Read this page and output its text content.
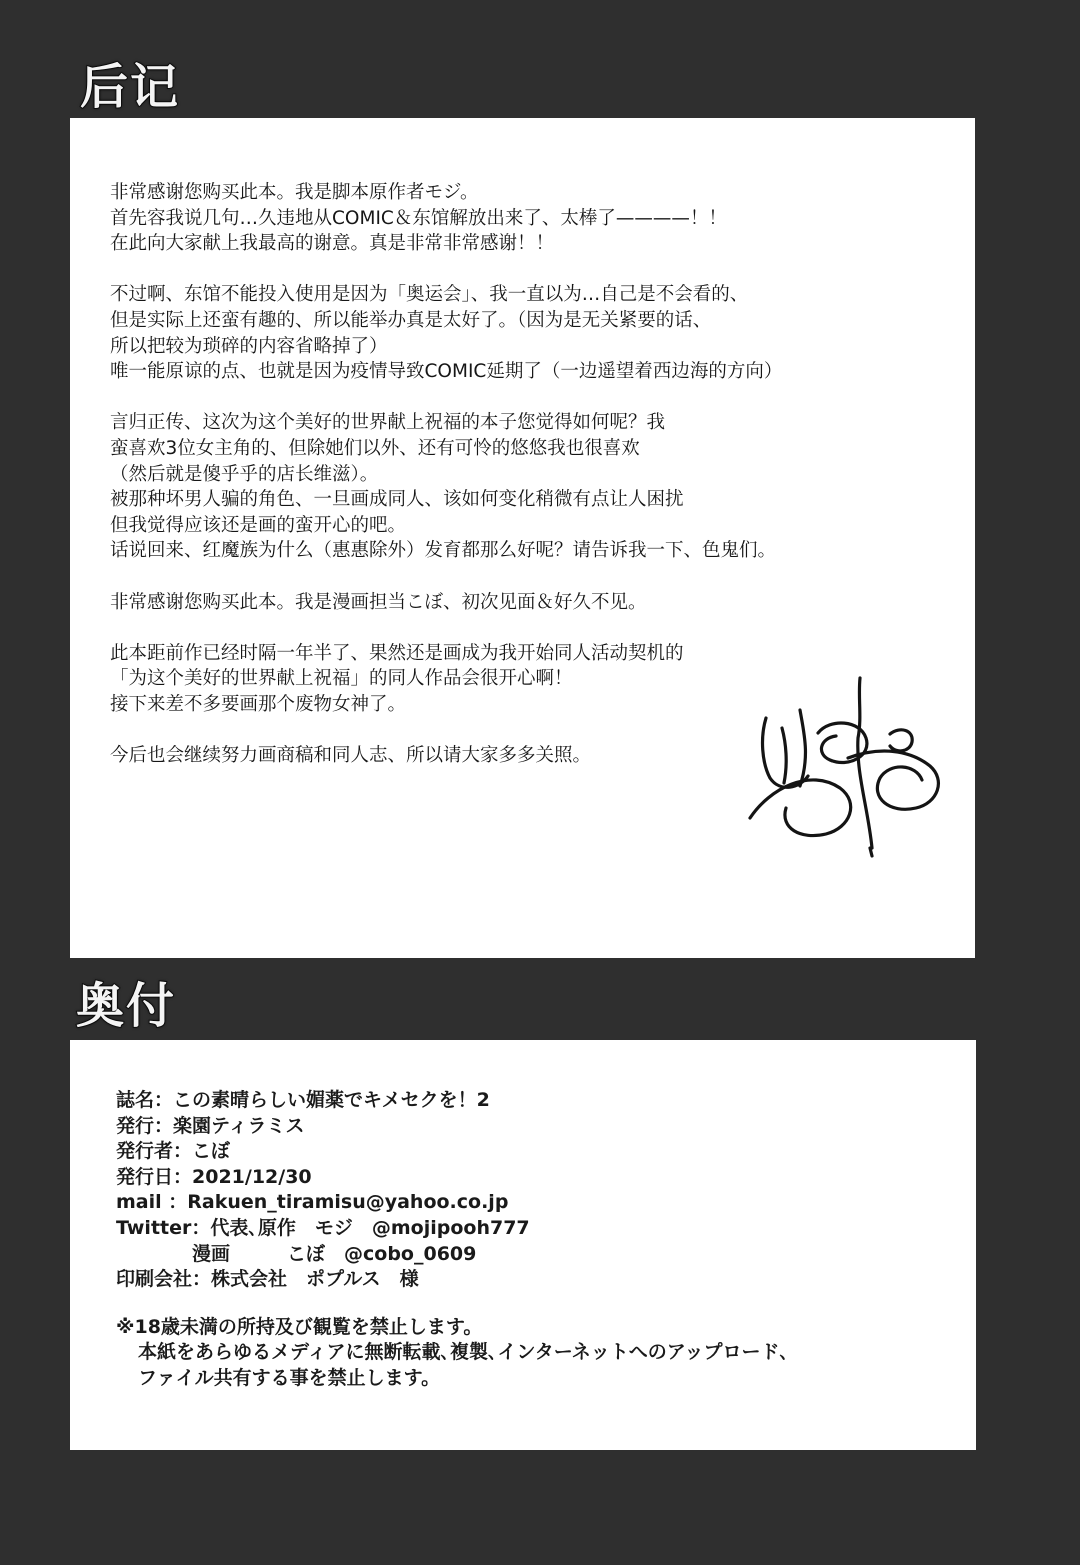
后记

非常感谢您购买此本。我是脚本原作者モジ。
首先容我说几句…久违地从COMIC＆东馆解放出来了、太棒了————！！
在此向大家献上我最高的谢意。真是非常非常感谢！！

不过啊、东馆不能投入使用是因为「奥运会」、我一直以为…自己是不会看的、
但是实际上还蛮有趣的、所以能举办真是太好了。（因为是无关紧要的话、
所以把较为琐碎的内容省略掉了）
唯一能原谅的点、也就是因为疫情导致COMIC延期了（一边遥望着西边海的方向）

言归正传、这次为这个美好的世界献上祝福的本子您觉得如何呢？我
蛮喜欢3位女主角的、但除她们以外、还有可怜的悠悠我也很喜欢
（然后就是傻乎乎的店长维滋）。
被那种坏男人骗的角色、一旦画成同人、该如何变化稍微有点让人困扰
但我觉得应该还是画的蛮开心的吧。
话说回来、红魔族为什么（惠惠除外）发育都那么好呢？请告诉我一下、色鬼们。

非常感谢您购买此本。我是漫画担当こぼ、初次见面＆好久不见。

此本距前作已经时隔一年半了、果然还是画成为我开始同人活动契机的
「为这个美好的世界献上祝福」的同人作品会很开心啊！
接下来差不多要画那个废物女神了。

今后也会继续努力画商稿和同人志、所以请大家多多关照。

奥付
誌名：この素晴らしい媚薬でキメセクを！2
発行：楽園ティラミス
発行者：こぼ
発行日：2021/12/30
mail ：Rakuen_tiramisu@yahoo.co.jp
Twitter：代表､原作　モジ　@mojipooh777
　　　　漫画　　　こぼ　@cobo_0609
印刷会社：株式会社　ポプルス　様
※18歳未満の所持及び観覧を禁止します。
本紙をあらゆるメディアに無断転載､複製､インターネットへのアップロード､
ファイル共有する事を禁止します。
